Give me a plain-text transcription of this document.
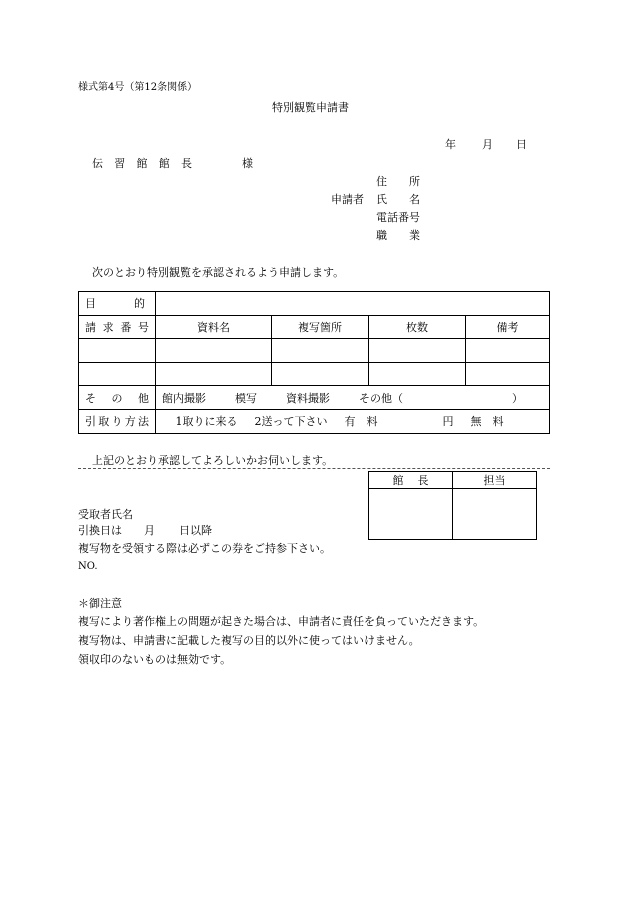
様式第4号（第12条関係）
特別観覧申請書
年 月 日
伝 習 館 館 長	様
申請者
住 所
氏 名
電話番号
職 業
次のとおり特別観覧を承認されるよう申請します。
目 的				

請 求 番 号	資料名	複写箇所	枚数	備考

そ の 他	館内撮影 模写 資料撮影 その他（ ）			

引 取 り 方 法	1取りに来る 2送って下さい 有　料 円 無　料			
上記のとおり承認してよろしいかお伺いします。
館 長	担当

受取者氏名
引換日は 月 日以降
複写物を受領する際は必ずこの券をご持参下さい。
NO.
＊御注意
複写により著作権上の問題が起きた場合は、申請者に責任を負っていただきます。
複写物は、申請書に記載した複写の目的以外に使ってはいけません。
領収印のないものは無効です。
